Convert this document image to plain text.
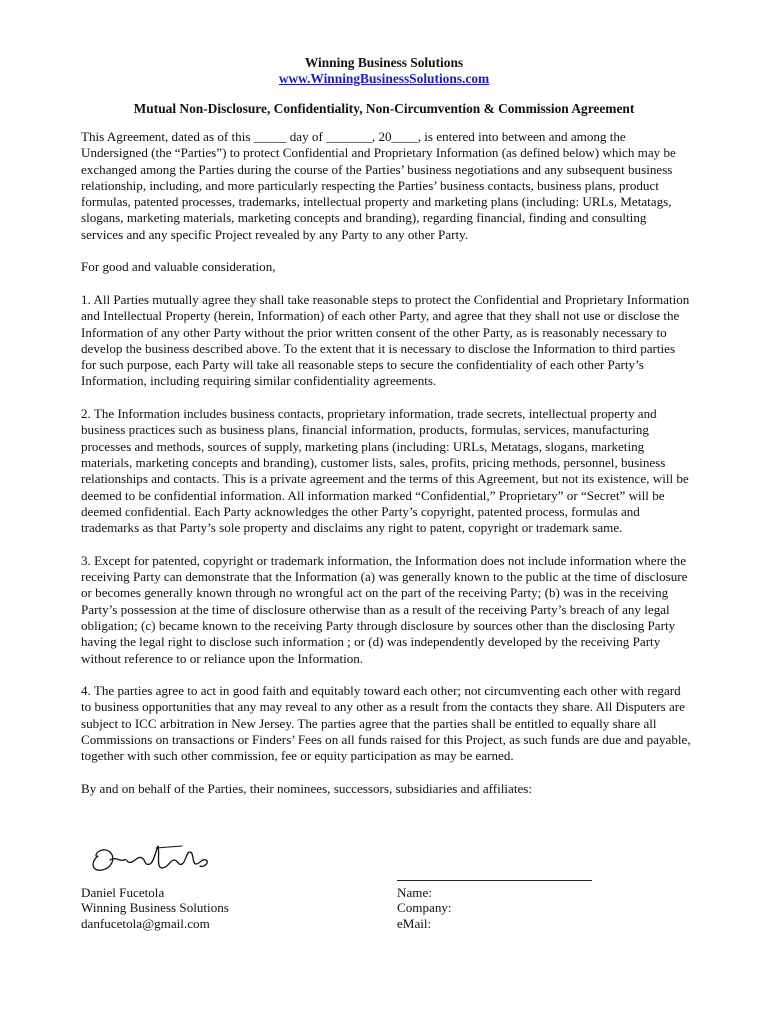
Winning Business Solutions
www.WinningBusinessSolutions.com
Mutual Non-Disclosure, Confidentiality, Non-Circumvention & Commission Agreement

This Agreement, dated as of this _____ day of _______, 20____, is entered into between and among the Undersigned (the “Parties”) to protect Confidential and Proprietary Information (as defined below) which may be exchanged among the Parties during the course of the Parties’ business negotiations and any subsequent business relationship, including, and more particularly respecting the Parties’ business contacts, business plans, product formulas, patented processes, trademarks, intellectual property and marketing plans (including: URLs, Metatags, slogans, marketing materials, marketing concepts and branding), regarding financial, finding and consulting services and any specific Project revealed by any Party to any other Party.

For good and valuable consideration,

1. All Parties mutually agree they shall take reasonable steps to protect the Confidential and Proprietary Information and Intellectual Property (herein, Information) of each other Party, and agree that they shall not use or disclose the Information of any other Party without the prior written consent of the other Party, as is reasonably necessary to develop the business described above. To the extent that it is necessary to disclose the Information to third parties for such purpose, each Party will take all reasonable steps to secure the confidentiality of each other Party’s Information, including requiring similar confidentiality agreements.

2. The Information includes business contacts, proprietary information, trade secrets, intellectual property and business practices such as business plans, financial information, products, formulas, services, manufacturing processes and methods, sources of supply, marketing plans (including: URLs, Metatags, slogans, marketing materials, marketing concepts and branding), customer lists, sales, profits, pricing methods, personnel, business relationships and contacts. This is a private agreement and the terms of this Agreement, but not its existence, will be deemed to be confidential information. All information marked “Confidential,” Proprietary” or “Secret” will be deemed confidential. Each Party acknowledges the other Party’s copyright, patented process, formulas and trademarks as that Party’s sole property and disclaims any right to patent, copyright or trademark same.

3. Except for patented, copyright or trademark information, the Information does not include information where the receiving Party can demonstrate that the Information (a) was generally known to the public at the time of disclosure or becomes generally known through no wrongful act on the part of the receiving Party; (b) was in the receiving Party’s possession at the time of disclosure otherwise than as a result of the receiving Party’s breach of any legal obligation; (c) became known to the receiving Party through disclosure by sources other than the disclosing Party having the legal right to disclose such information ; or (d) was independently developed by the receiving Party without reference to or reliance upon the Information.

4. The parties agree to act in good faith and equitably toward each other; not circumventing each other with regard to business opportunities that any may reveal to any other as a result from the contacts they share. All Disputers are subject to ICC arbitration in New Jersey. The parties agree that the parties shall be entitled to equally share all Commissions on transactions or Finders’ Fees on all funds raised for this Project, as such funds are due and payable, together with such other commission, fee or equity participation as may be earned.

By and on behalf of the Parties, their nominees, successors, subsidiaries and affiliates:

Daniel Fucetola
Winning Business Solutions
danfucetola@gmail.com
Name:
Company:
eMail:
